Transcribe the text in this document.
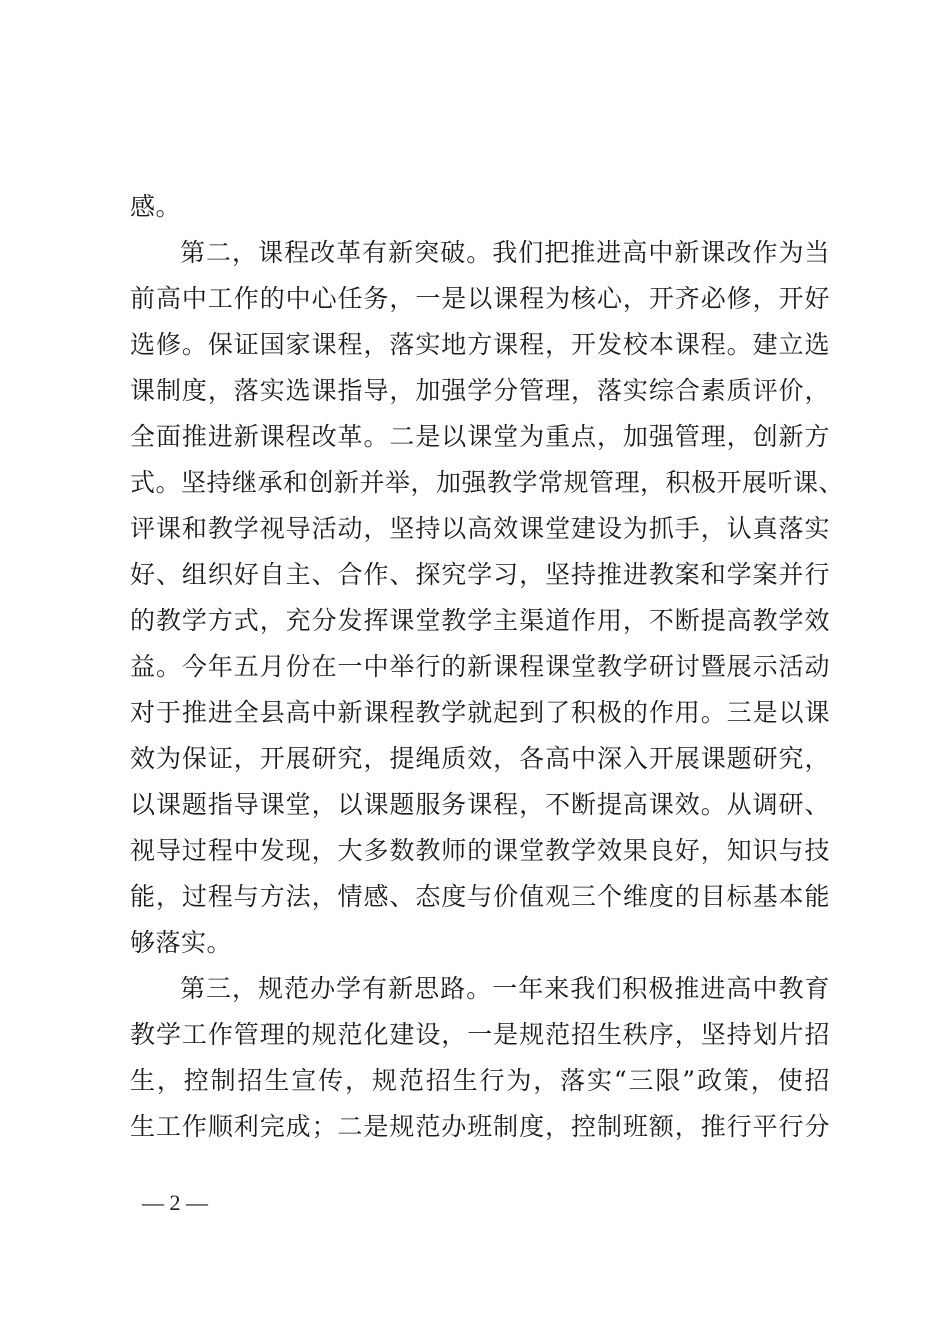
感。
第二，课程改革有新突破。我们把推进高中新课改作为当
前高中工作的中心任务，一是以课程为核心，开齐必修，开好
选修。保证国家课程，落实地方课程，开发校本课程。建立选
课制度，落实选课指导，加强学分管理，落实综合素质评价，
全面推进新课程改革。二是以课堂为重点，加强管理，创新方
式。坚持继承和创新并举，加强教学常规管理，积极开展听课、
评课和教学视导活动，坚持以高效课堂建设为抓手，认真落实
好、组织好自主、合作、探究学习，坚持推进教案和学案并行
的教学方式，充分发挥课堂教学主渠道作用，不断提高教学效
益。今年五月份在一中举行的新课程课堂教学研讨暨展示活动
对于推进全县高中新课程教学就起到了积极的作用。三是以课
效为保证，开展研究，提绳质效，各高中深入开展课题研究，
以课题指导课堂，以课题服务课程，不断提高课效。从调研、
视导过程中发现，大多数教师的课堂教学效果良好，知识与技
能，过程与方法，情感、态度与价值观三个维度的目标基本能
够落实。
第三，规范办学有新思路。一年来我们积极推进高中教育
教学工作管理的规范化建设，一是规范招生秩序，坚持划片招
生，控制招生宣传，规范招生行为，落实“三限”政策，使招
生工作顺利完成；二是规范办班制度，控制班额，推行平行分
— 2 —
